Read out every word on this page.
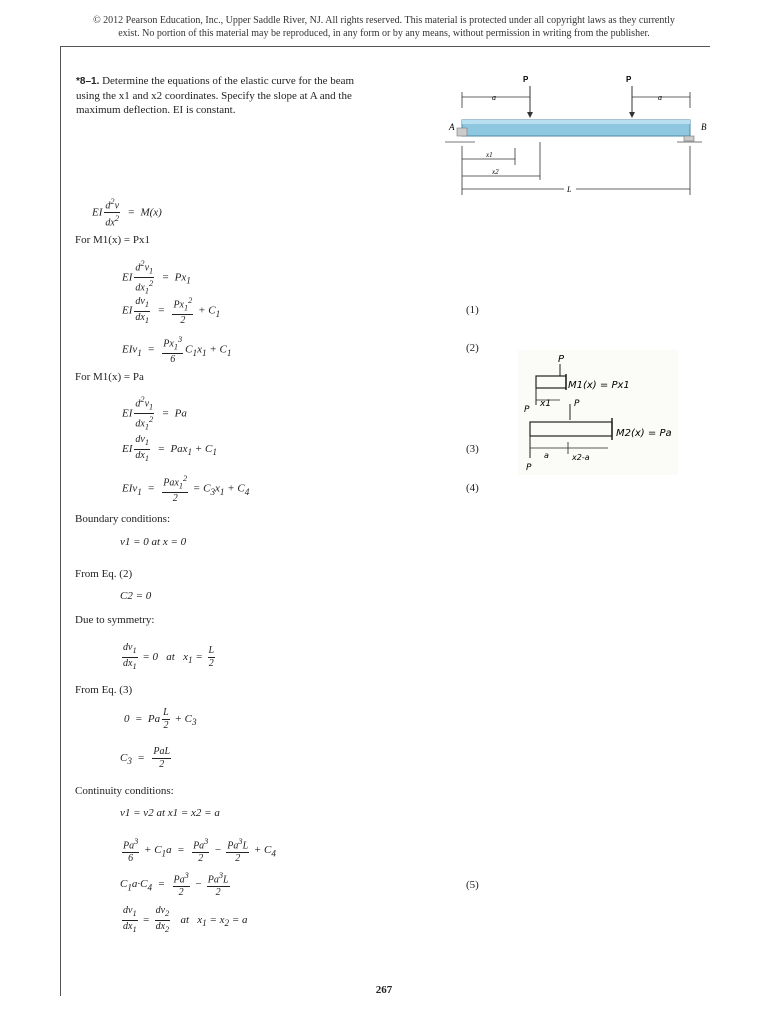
© 2012 Pearson Education, Inc., Upper Saddle River, NJ. All rights reserved. This material is protected under all copyright laws as they currently
exist. No portion of this material may be reproduced, in any form or by any means, without permission in writing from the publisher.
*8–1. Determine the equations of the elastic curve for the beam using the x1 and x2 coordinates. Specify the slope at A and the maximum deflection. EI is constant.
a	a
P	P
A	B
x1
x2
L
P
M1(x) = Px1
P
x1	P
M2(x) = Pa
a	x2-a
P
EI $\frac{d^2v}{dx^2} = M(x)$
For M1(x) = Px1
EI $\frac{d^2v_1}{dx_1^2} = Px_1$
EI $\frac{dv_1}{dx_1} = \frac{Px_1^2}{2} + C_1$	(1)
$EIv_1 = \frac{Px_1^3}{6} C_1x_1 + C_1$	(2)
For M1(x) = Pa
EI $\frac{d^2v_1}{dx_1^2} = Pa$
EI $\frac{dv_1}{dx_1} = Pax_1 + C_1$	(3)
$EIv_1 = \frac{Pax_1^2}{2} = C_3x_1 + C_4$	(4)
Boundary conditions:
v1 = 0 at x = 0
From Eq. (2)
C2 = 0
Due to symmetry:
$\frac{dv_1}{dx_1} = 0$   at   $x_1 = \frac{L}{2}$
From Eq. (3)
0  =  Pa $\frac{L}{2} + C_3$
$C_3 = \frac{\text{PaL}}{2}$
Continuity conditions:
v1 = v2 at x1 = x2 = a
$\frac{Pa^3}{6} + C_1a = \frac{Pa^3}{2} - \frac{Pa^3L}{2} + C_4$
$C_1a\cdot C_4 = \frac{Pa^3}{2} - \frac{Pa^3L}{2}$	(5)
$\frac{dv_1}{dx_1} = \frac{dv_2}{dx_2}$ at   $x_1 = x_2 = a$
267
